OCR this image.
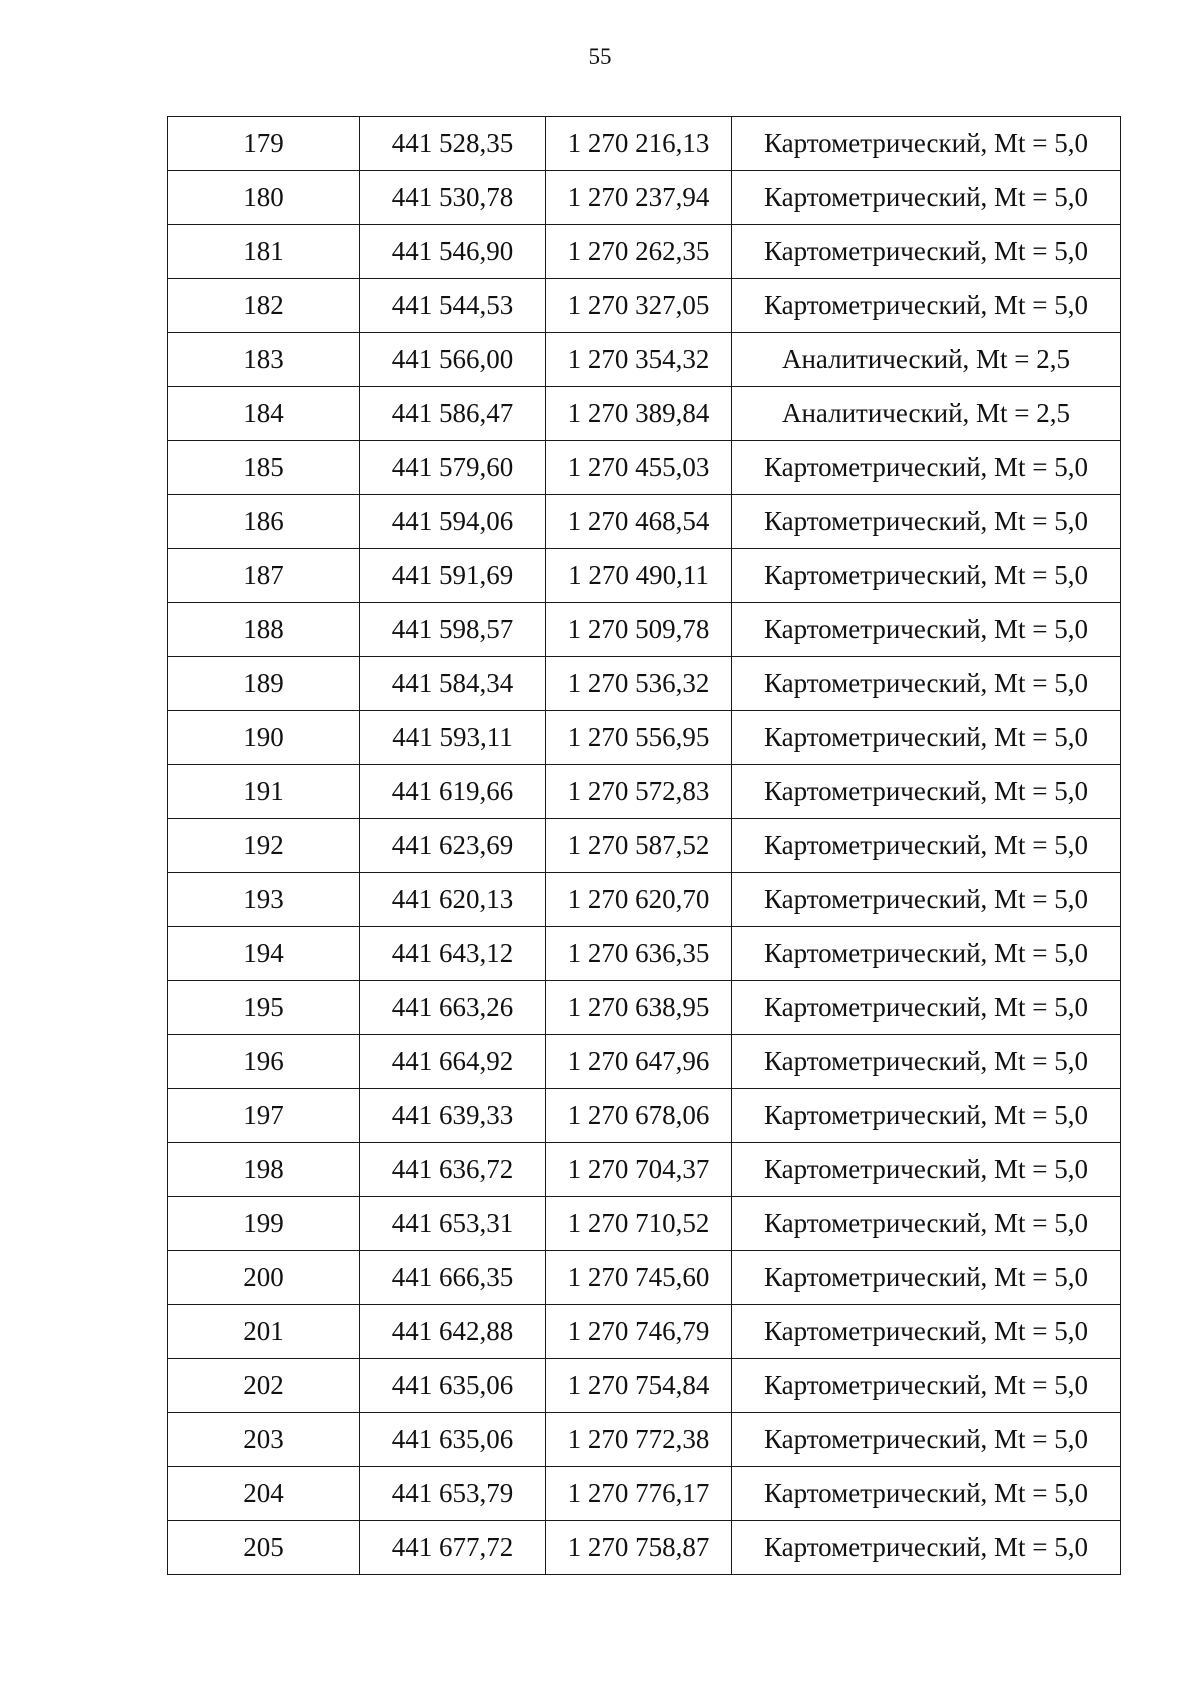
55
179	441 528,35	1 270 216,13	Картометрический, Mt = 5,0
180	441 530,78	1 270 237,94	Картометрический, Mt = 5,0
181	441 546,90	1 270 262,35	Картометрический, Mt = 5,0
182	441 544,53	1 270 327,05	Картометрический, Mt = 5,0
183	441 566,00	1 270 354,32	Аналитический, Mt = 2,5
184	441 586,47	1 270 389,84	Аналитический, Mt = 2,5
185	441 579,60	1 270 455,03	Картометрический, Mt = 5,0
186	441 594,06	1 270 468,54	Картометрический, Mt = 5,0
187	441 591,69	1 270 490,11	Картометрический, Mt = 5,0
188	441 598,57	1 270 509,78	Картометрический, Mt = 5,0
189	441 584,34	1 270 536,32	Картометрический, Mt = 5,0
190	441 593,11	1 270 556,95	Картометрический, Mt = 5,0
191	441 619,66	1 270 572,83	Картометрический, Mt = 5,0
192	441 623,69	1 270 587,52	Картометрический, Mt = 5,0
193	441 620,13	1 270 620,70	Картометрический, Mt = 5,0
194	441 643,12	1 270 636,35	Картометрический, Mt = 5,0
195	441 663,26	1 270 638,95	Картометрический, Mt = 5,0
196	441 664,92	1 270 647,96	Картометрический, Mt = 5,0
197	441 639,33	1 270 678,06	Картометрический, Mt = 5,0
198	441 636,72	1 270 704,37	Картометрический, Mt = 5,0
199	441 653,31	1 270 710,52	Картометрический, Mt = 5,0
200	441 666,35	1 270 745,60	Картометрический, Mt = 5,0
201	441 642,88	1 270 746,79	Картометрический, Mt = 5,0
202	441 635,06	1 270 754,84	Картометрический, Mt = 5,0
203	441 635,06	1 270 772,38	Картометрический, Mt = 5,0
204	441 653,79	1 270 776,17	Картометрический, Mt = 5,0
205	441 677,72	1 270 758,87	Картометрический, Mt = 5,0
